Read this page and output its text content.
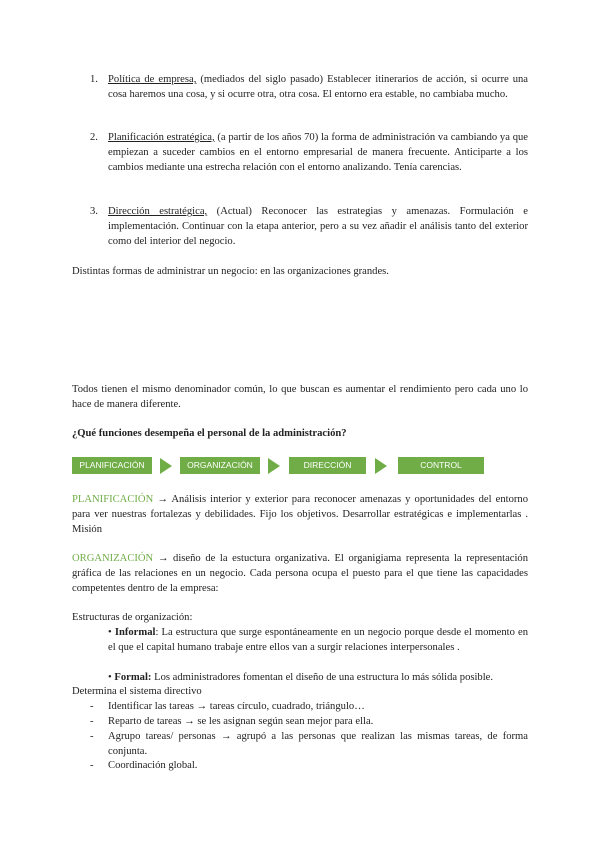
1. Política de empresa, (mediados del siglo pasado) Establecer itinerarios de acción, si ocurre una cosa haremos una cosa, y si ocurre otra, otra cosa. El entorno era estable, no cambiaba mucho.
2. Planificación estratégica, (a partir de los años 70) la forma de administración va cambiando ya que empiezan a suceder cambios en el entorno empresarial de manera frecuente. Anticiparte a los cambios mediante una estrecha relación con el entorno analizando. Tenía carencias.
3. Dirección estratégica, (Actual) Reconocer las estrategias y amenazas. Formulación e implementación. Continuar con la etapa anterior, pero a su vez añadir el análisis tanto del exterior como del interior del negocio.

Distintas formas de administrar un negocio: en las organizaciones grandes.

Todos tienen el mismo denominador común, lo que buscan es aumentar el rendimiento pero cada uno lo hace de manera diferente.

¿Qué funciones desempeña el personal de la administración?

PLANIFICACIÓN	ORGANIZACIÓN	DIRECCIÓN	CONTROL

PLANIFICACIÓN → Análisis interior y exterior para reconocer amenazas y oportunidades del entorno para ver nuestras fortalezas y debilidades. Fijo los objetivos. Desarrollar estratégicas e implementarlas . Misión

ORGANIZACIÓN → diseño de la estuctura organizativa. El organigiama representa la representación gráfica de las relaciones en un negocio. Cada persona ocupa el puesto para el que tiene las capacidades competentes dentro de la empresa:

Estructuras de organización:

• Informal: La estructura que surge espontáneamente en un negocio porque desde el momento en el que el capital humano trabaje entre ellos van a surgir relaciones interpersonales .
• Formal: Los administradores fomentan el diseño de una estructura lo más sólida posible.

Determina el sistema directivo

- Identificar las tareas → tareas círculo, cuadrado, triángulo…
- Reparto de tareas → se les asignan según sean mejor para ella.
- Agrupo tareas/ personas → agrupó a las personas que realizan las mismas tareas, de forma conjunta.
- Coordinación global.
